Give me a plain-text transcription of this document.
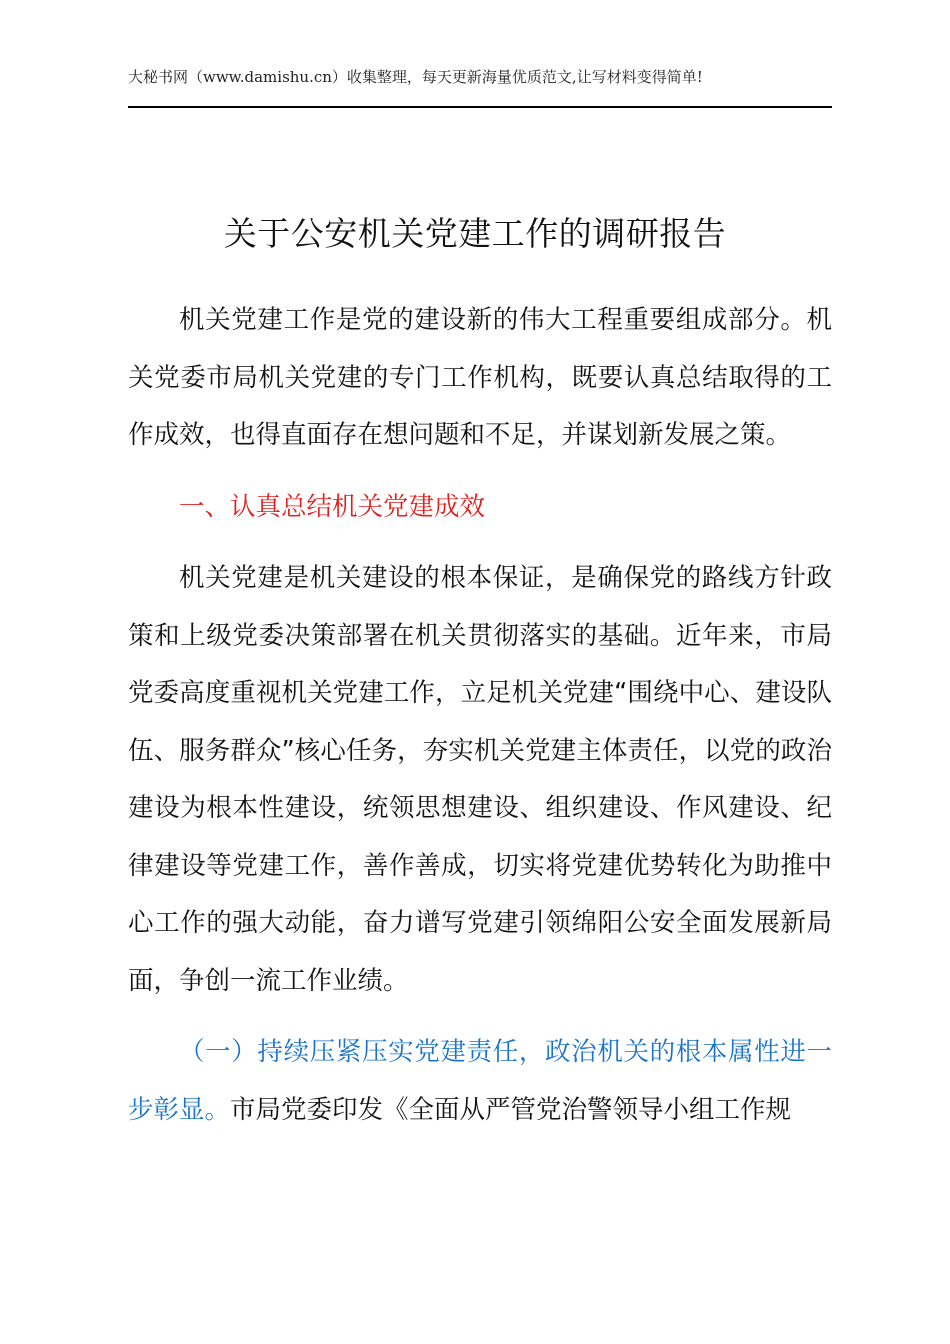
大秘书网（www.damishu.cn）收集整理，每天更新海量优质范文,让写材料变得简单!
关于公安机关党建工作的调研报告

机关党建工作是党的建设新的伟大工程重要组成部分。机关党委市局机关党建的专门工作机构，既要认真总结取得的工作成效，也得直面存在想问题和不足，并谋划新发展之策。

一、认真总结机关党建成效

机关党建是机关建设的根本保证，是确保党的路线方针政策和上级党委决策部署在机关贯彻落实的基础。近年来，市局党委高度重视机关党建工作，立足机关党建“围绕中心、建设队伍、服务群众”核心任务，夯实机关党建主体责任，以党的政治建设为根本性建设，统领思想建设、组织建设、作风建设、纪律建设等党建工作，善作善成，切实将党建优势转化为助推中心工作的强大动能，奋力谱写党建引领绵阳公安全面发展新局面，争创一流工作业绩。

（一）持续压紧压实党建责任，政治机关的根本属性进一步彰显。市局党委印发《全面从严管党治警领导小组工作规
